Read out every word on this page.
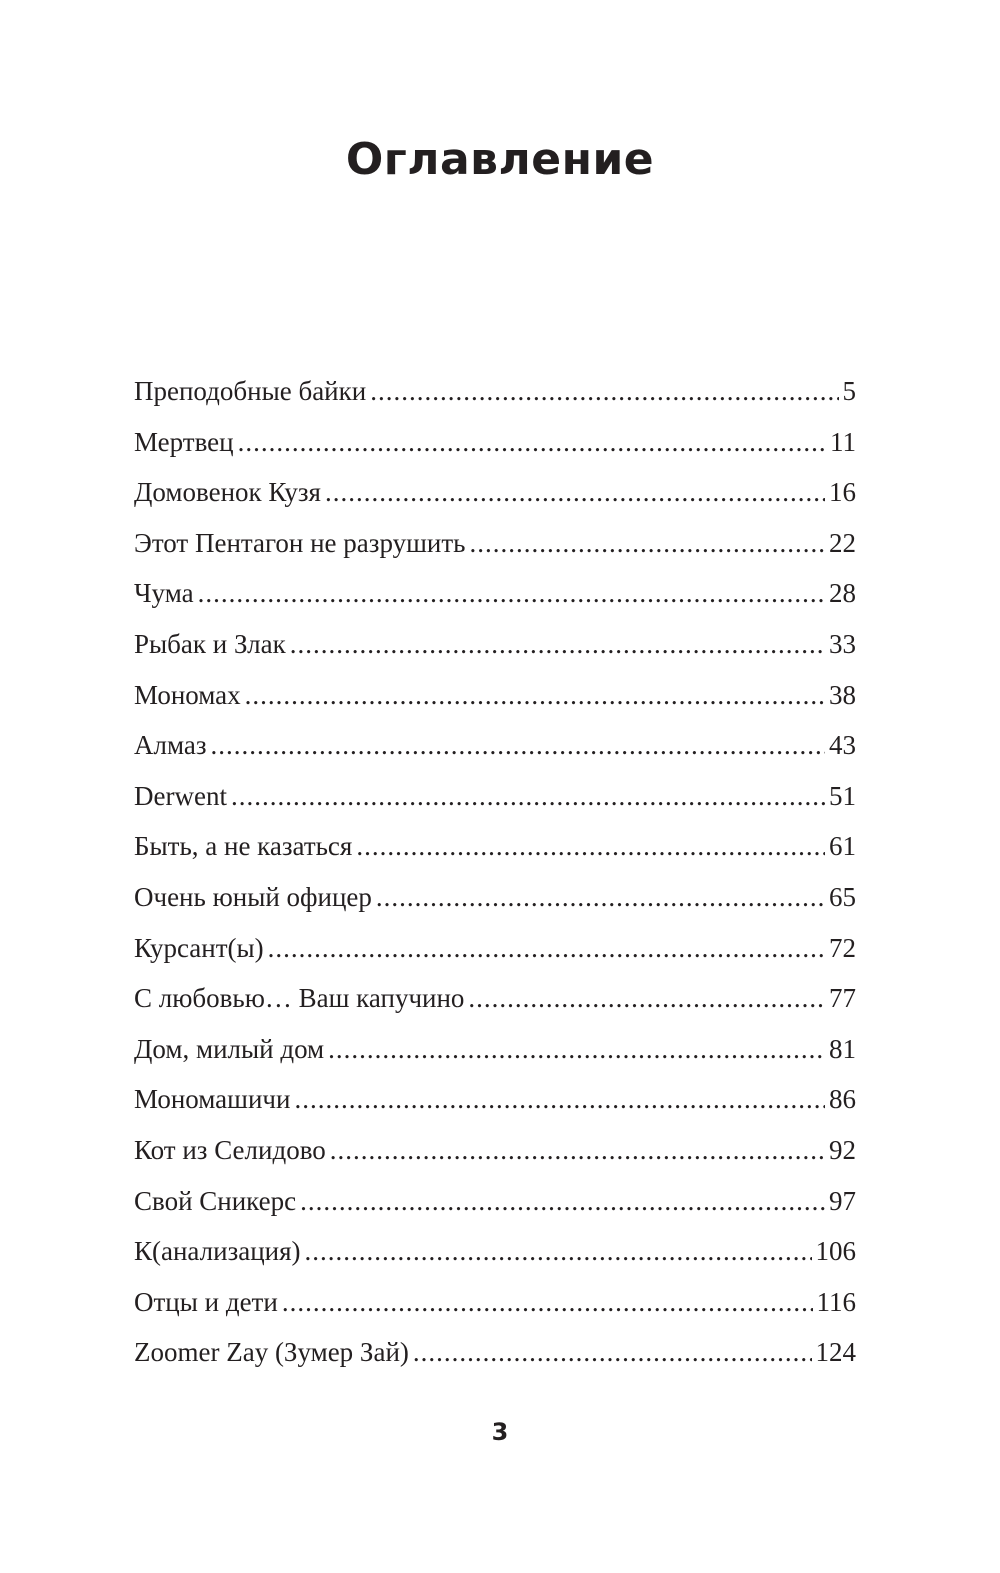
Оглавление
Преподобные байки .....	5
Мертвец .....	11
Домовенок Кузя .....	16
Этот Пентагон не разрушить .....	22
Чума .....	28
Рыбак и Злак .....	33
Мономах .....	38
Алмаз .....	43
Derwent .....	51
Быть, а не казаться .....	61
Очень юный офицер .....	65
Курсант(ы) .....	72
С любовью… Ваш капучино .....	77
Дом, милый дом .....	81
Мономашичи .....	86
Кот из Селидово .....	92
Свой Сникерс .....	97
К(анализация) .....	106
Отцы и дети .....	116
Zoomer Zay (Зумер Зай) .....	124
3
